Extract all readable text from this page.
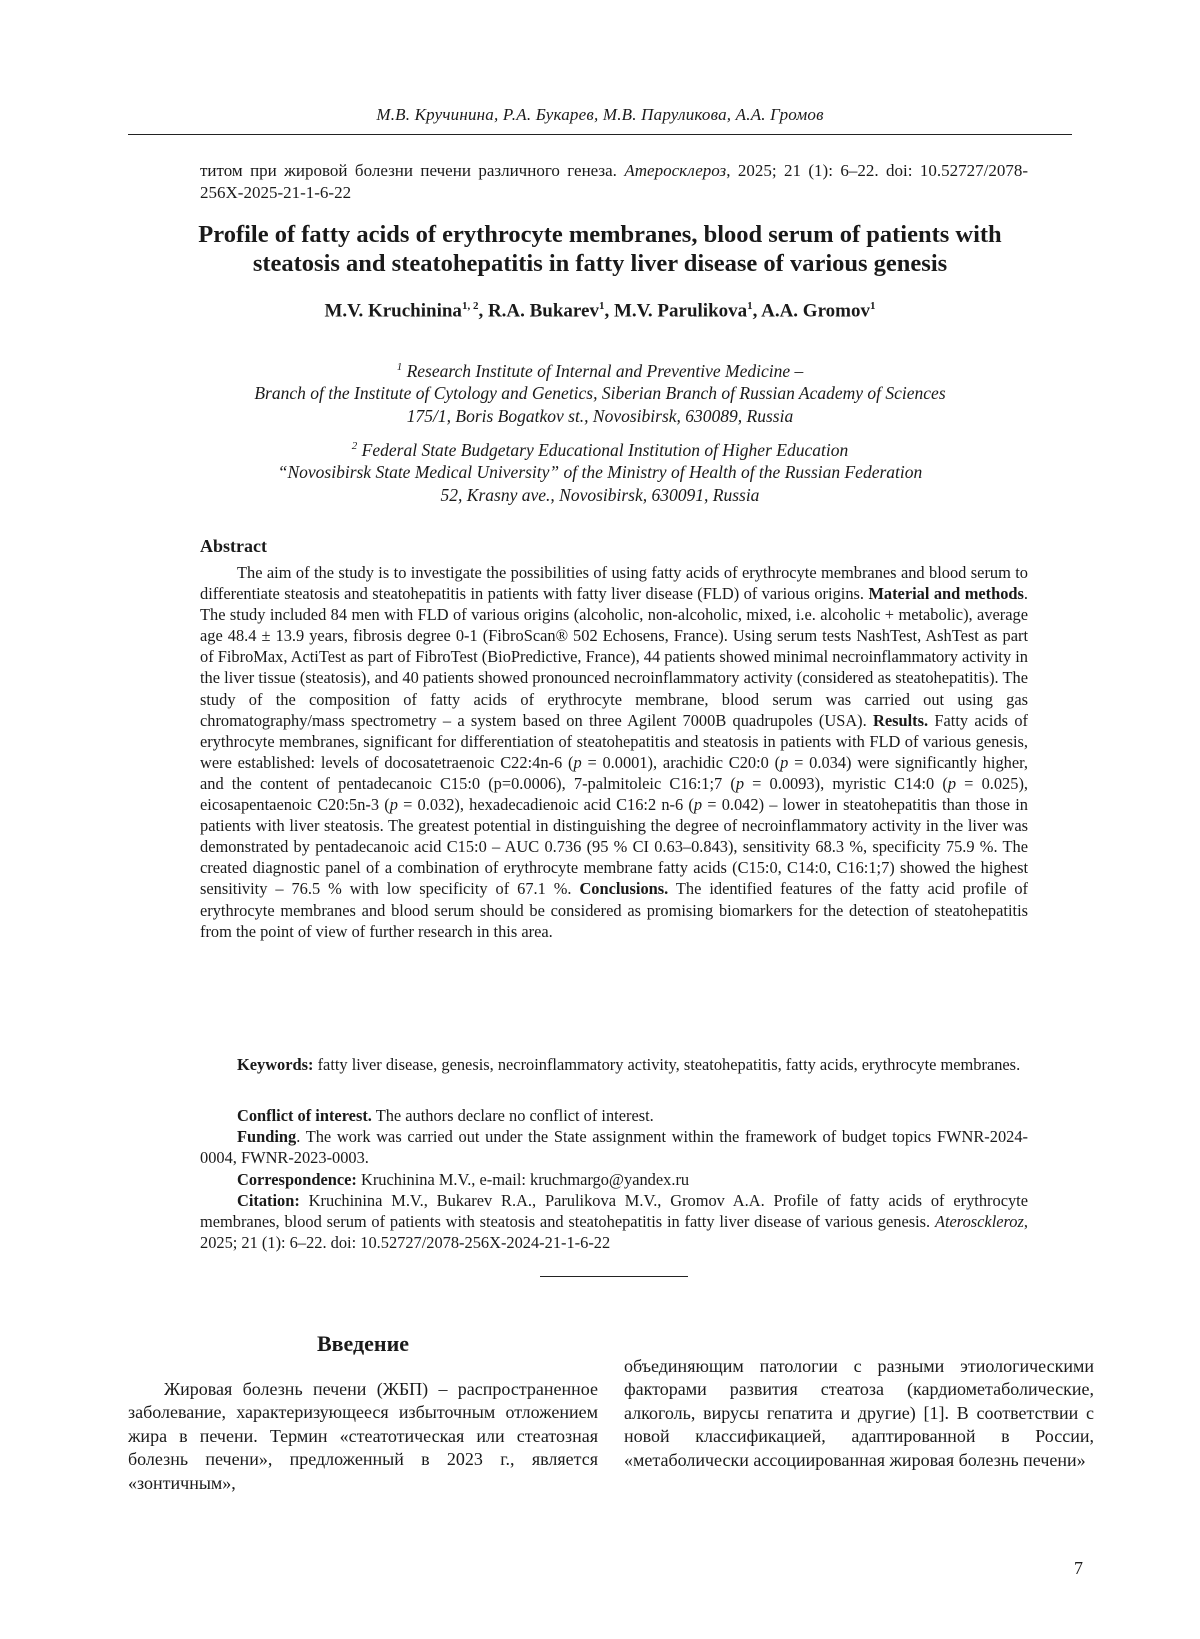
М.В. Кручинина, Р.А. Букарев, М.В. Паруликова, А.А. Громов
титом при жировой болезни печени различного генеза. Атеросклероз, 2025; 21 (1): 6–22. doi: 10.52727/2078-256X-2025-21-1-6-22
Profile of fatty acids of erythrocyte membranes, blood serum of patients with
steatosis and steatohepatitis in fatty liver disease of various genesis
M.V. Kruchinina1, 2, R.A. Bukarev1, M.V. Parulikova1, A.A. Gromov1
1 Research Institute of Internal and Preventive Medicine –
Branch of the Institute of Cytology and Genetics, Siberian Branch of Russian Academy of Sciences
175/1, Boris Bogatkov st., Novosibirsk, 630089, Russia
2 Federal State Budgetary Educational Institution of Higher Education
“Novosibirsk State Medical University” of the Ministry of Health of the Russian Federation
52, Krasny ave., Novosibirsk, 630091, Russia
Abstract
The aim of the study is to investigate the possibilities of using fatty acids of erythrocyte membranes and blood serum to differentiate steatosis and steatohepatitis in patients with fatty liver disease (FLD) of various origins. Material and methods. The study included 84 men with FLD of various origins (alcoholic, non-alcoholic, mixed, i.e. alcoholic + metabolic), average age 48.4 ± 13.9 years, fibrosis degree 0-1 (FibroScan® 502 Echosens, France). Using serum tests NashTest, AshTest as part of FibroMax, ActiTest as part of FibroTest (BioPredictive, France), 44 patients showed minimal necroinflammatory activity in the liver tissue (steatosis), and 40 patients showed pronounced necroinflammatory activity (considered as steatohepatitis). The study of the composition of fatty acids of erythrocyte membrane, blood serum was carried out using gas chromatography/mass spectrometry – a system based on three Agilent 7000B quadrupoles (USA). Results. Fatty acids of erythrocyte membranes, significant for differentiation of steatohepatitis and steatosis in patients with FLD of various genesis, were established: levels of docosatetraenoic C22:4n-6 (p = 0.0001), arachidic C20:0 (p = 0.034) were significantly higher, and the content of pentadecanoic C15:0 (p=0.0006), 7-palmitoleic C16:1;7 (p = 0.0093), myristic C14:0 (p = 0.025), eicosapentaenoic C20:5n-3 (p = 0.032), hexadecadienoic acid C16:2 n-6 (p = 0.042) – lower in steatohepatitis than those in patients with liver steatosis. The greatest potential in distinguishing the degree of necroinflammatory activity in the liver was demonstrated by pentadecanoic acid C15:0 – AUC 0.736 (95 % CI 0.63–0.843), sensitivity 68.3 %, specificity 75.9 %. The created diagnostic panel of a combination of erythrocyte membrane fatty acids (C15:0, C14:0, C16:1;7) showed the highest sensitivity – 76.5 % with low specificity of 67.1 %. Conclusions. The identified features of the fatty acid profile of erythrocyte membranes and blood serum should be considered as promising biomarkers for the detection of steatohepatitis from the point of view of further research in this area.
Keywords: fatty liver disease, genesis, necroinflammatory activity, steatohepatitis, fatty acids, erythrocyte membranes.

Conflict of interest. The authors declare no conflict of interest.

Funding. The work was carried out under the State assignment within the framework of budget topics FWNR-2024-0004, FWNR-2023-0003.

Correspondence: Kruchinina M.V., e-mail: kruchmargo@yandex.ru

Citation: Kruchinina M.V., Bukarev R.A., Parulikova M.V., Gromov A.A. Profile of fatty acids of erythrocyte membranes, blood serum of patients with steatosis and steatohepatitis in fatty liver disease of various genesis. Aterosckleroz, 2025; 21 (1): 6–22. doi: 10.52727/2078-256X-2024-21-1-6-22

Введение
Жировая болезнь печени (ЖБП) – распространенное заболевание, характеризующееся избыточным отложением жира в печени. Термин «стеатотическая или стеатозная болезнь печени», предложенный в 2023 г., является «зонтичным»,
объединяющим патологии с разными этиологическими факторами развития стеатоза (кардиометаболические, алкоголь, вирусы гепатита и другие) [1]. В соответствии с новой классификацией, адаптированной в России, «метаболически ассоциированная жировая болезнь печени»
7
